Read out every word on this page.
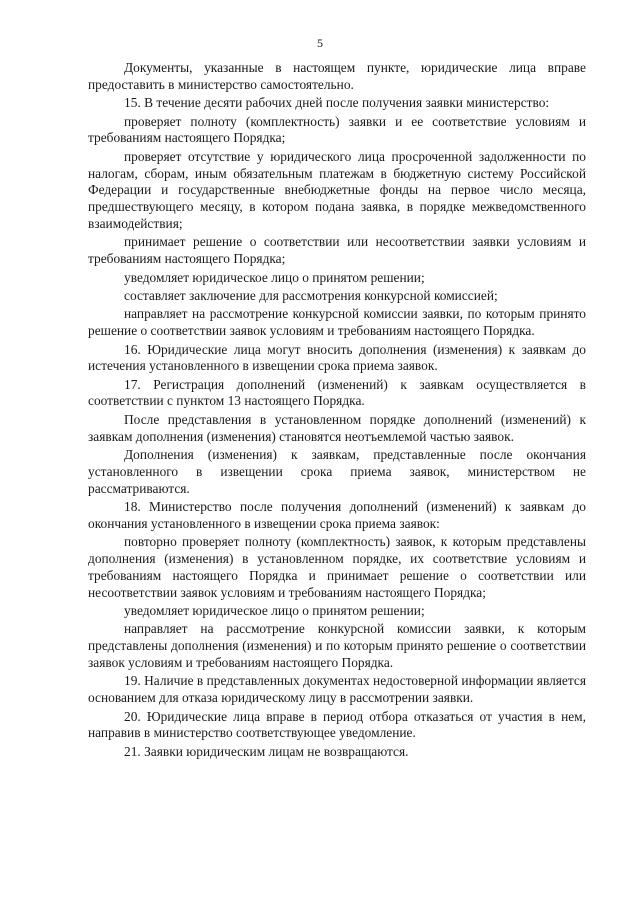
5

Документы, указанные в настоящем пункте, юридические лица вправе предоставить в министерство самостоятельно.

15. В течение десяти рабочих дней после получения заявки министерство:

проверяет полноту (комплектность) заявки и ее соответствие условиям и требованиям настоящего Порядка;

проверяет отсутствие у юридического лица просроченной задолженности по налогам, сборам, иным обязательным платежам в бюджетную систему Российской Федерации и государственные внебюджетные фонды на первое число месяца, предшествующего месяцу, в котором подана заявка, в порядке межведомственного взаимодействия;

принимает решение о соответствии или несоответствии заявки условиям и требованиям настоящего Порядка;

уведомляет юридическое лицо о принятом решении;

составляет заключение для рассмотрения конкурсной комиссией;

направляет на рассмотрение конкурсной комиссии заявки, по которым принято решение о соответствии заявок условиям и требованиям настоящего Порядка.

16. Юридические лица могут вносить дополнения (изменения) к заявкам до истечения установленного в извещении срока приема заявок.

17. Регистрация дополнений (изменений) к заявкам осуществляется в соответствии с пунктом 13 настоящего Порядка.

После представления в установленном порядке дополнений (изменений) к заявкам дополнения (изменения) становятся неотъемлемой частью заявок.

Дополнения (изменения) к заявкам, представленные после окончания установленного в извещении срока приема заявок, министерством не рассматриваются.

18. Министерство после получения дополнений (изменений) к заявкам до окончания установленного в извещении срока приема заявок:

повторно проверяет полноту (комплектность) заявок, к которым представлены дополнения (изменения) в установленном порядке, их соответствие условиям и требованиям настоящего Порядка и принимает решение о соответствии или несоответствии заявок условиям и требованиям настоящего Порядка;

уведомляет юридическое лицо о принятом решении;

направляет на рассмотрение конкурсной комиссии заявки, к которым представлены дополнения (изменения) и по которым принято решение о соответствии заявок условиям и требованиям настоящего Порядка.

19. Наличие в представленных документах недостоверной информации является основанием для отказа юридическому лицу в рассмотрении заявки.

20. Юридические лица вправе в период отбора отказаться от участия в нем, направив в министерство соответствующее уведомление.

21. Заявки юридическим лицам не возвращаются.
